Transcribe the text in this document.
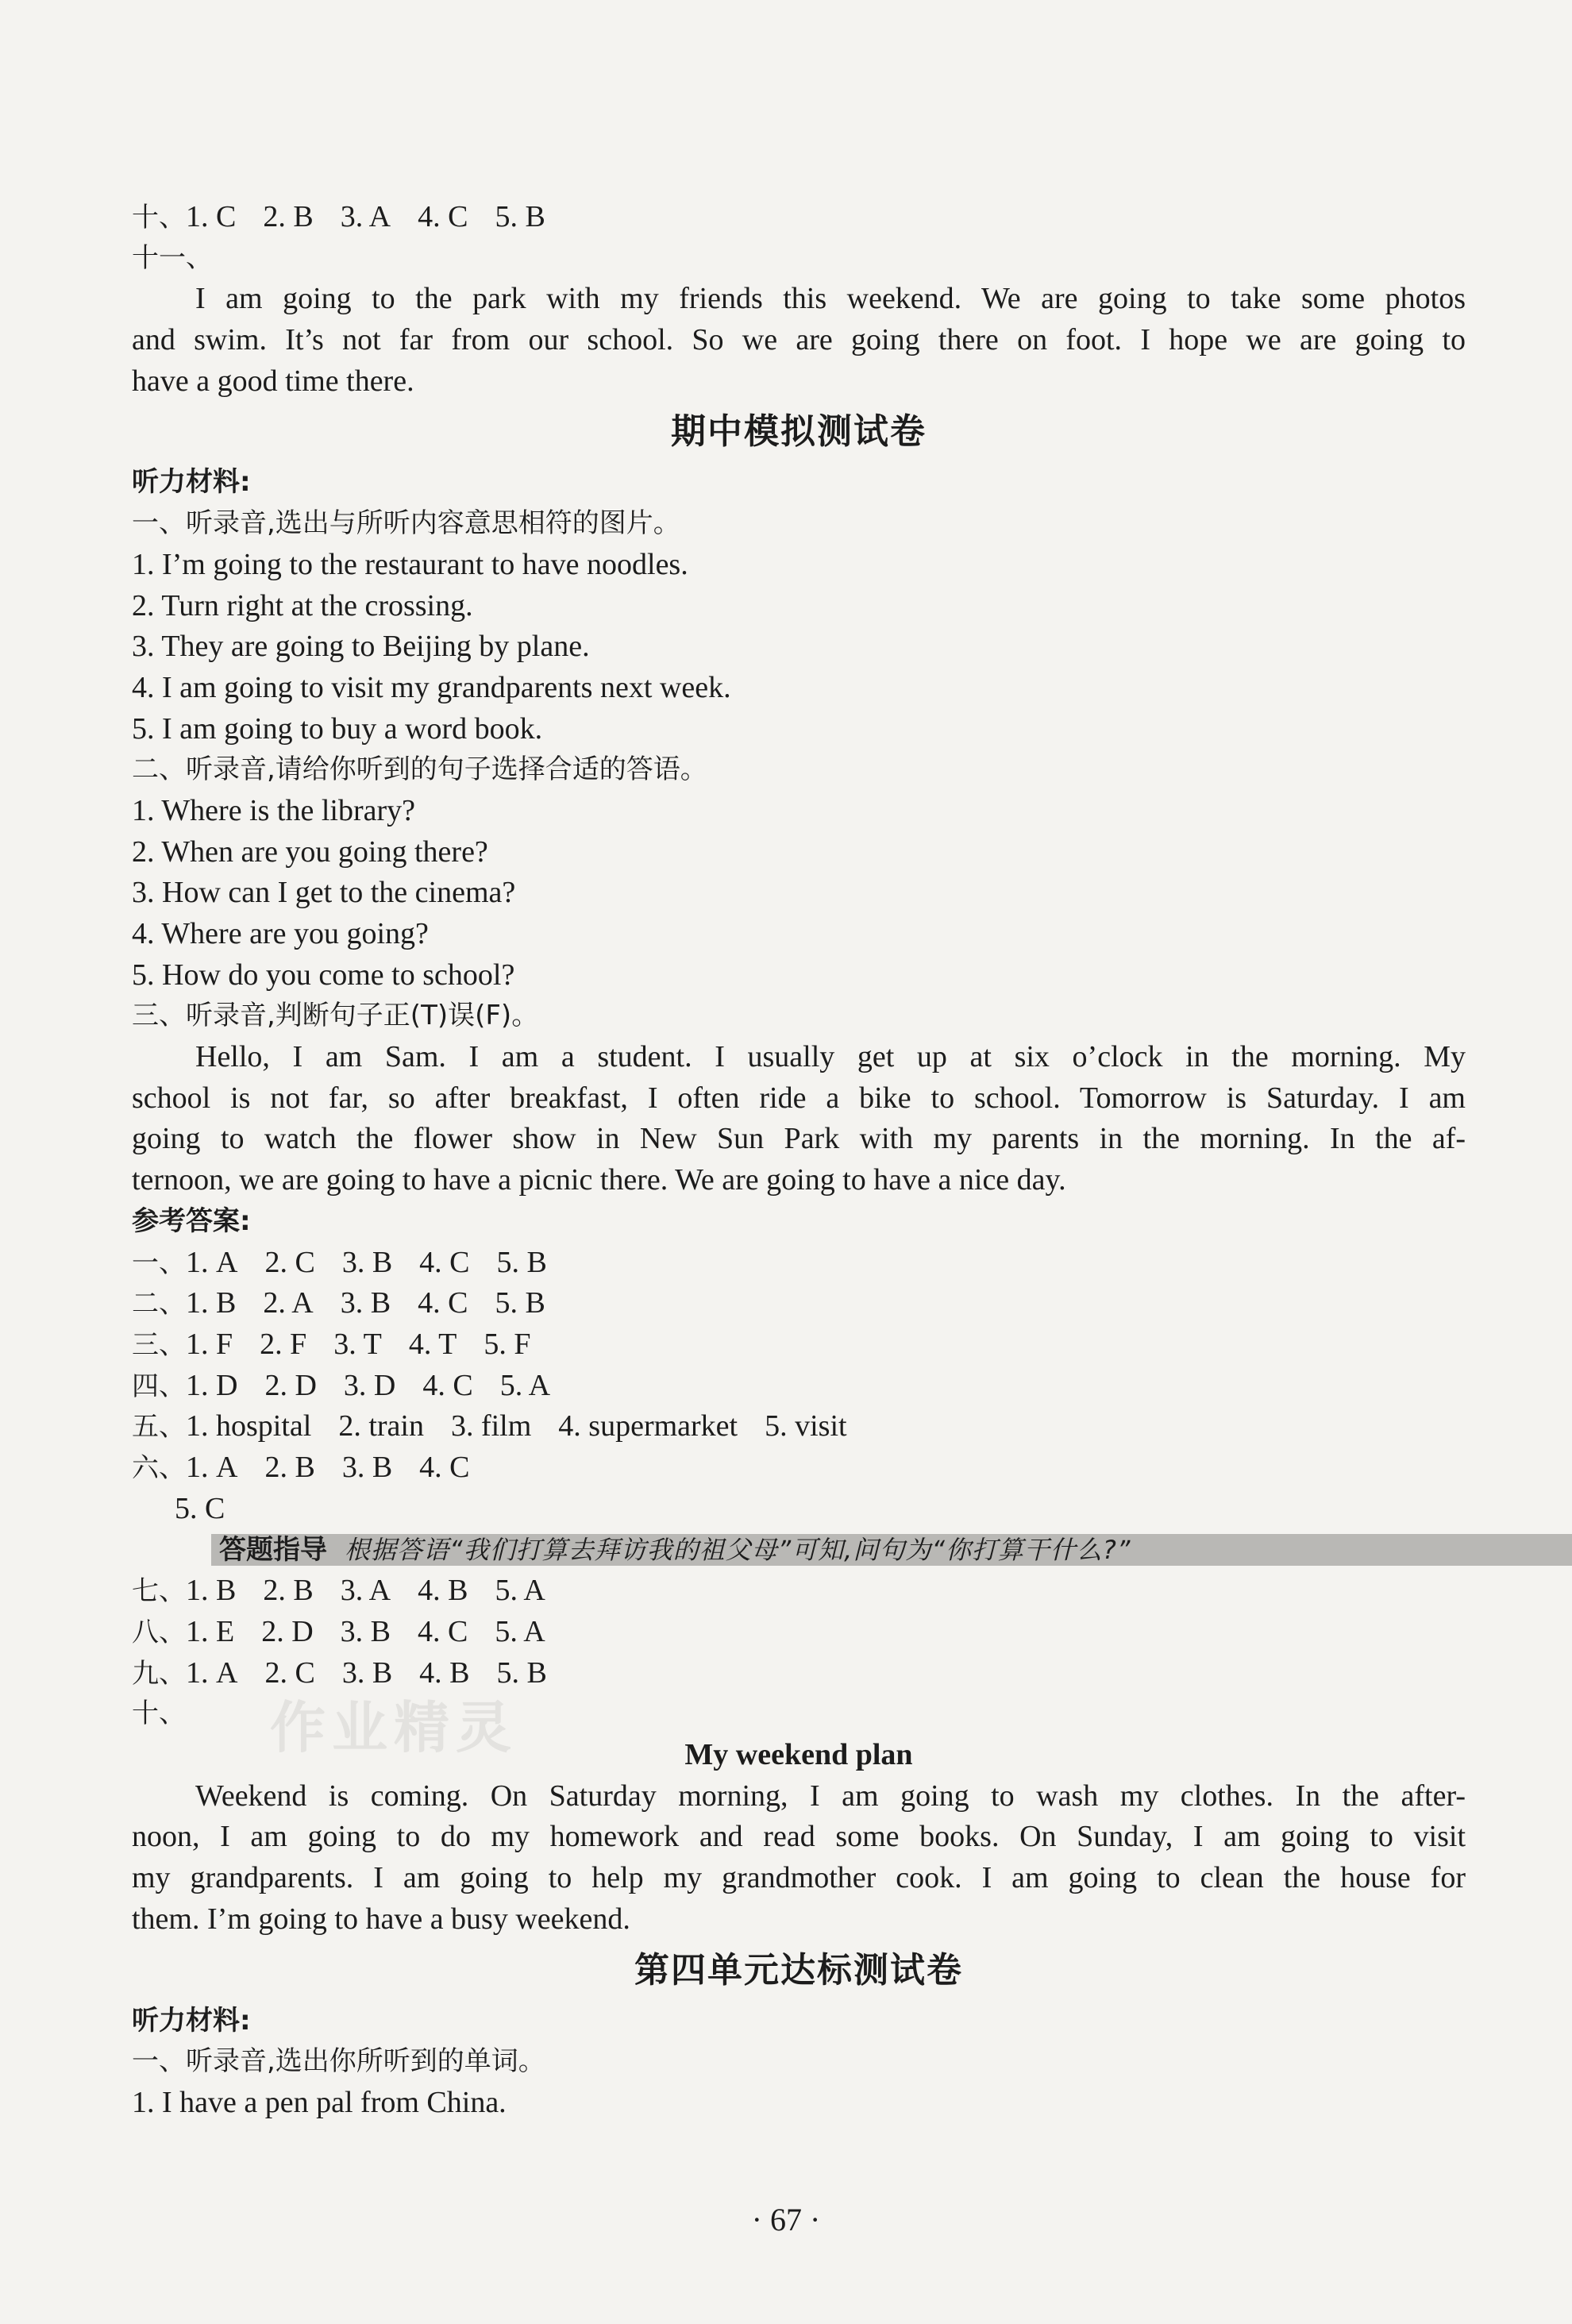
作业精灵

十、1. C 2. B 3. A 4. C 5. B

十一、

I am going to the park with my friends this weekend. We are going to take some photos

and swim. It’s not far from our school. So we are going there on foot. I hope we are going to

have a good time there.

期中模拟测试卷

听力材料:

一、听录音,选出与所听内容意思相符的图片。

1. I’m going to the restaurant to have noodles.

2. Turn right at the crossing.

3. They are going to Beijing by plane.

4. I am going to visit my grandparents next week.

5. I am going to buy a word book.

二、听录音,请给你听到的句子选择合适的答语。

1. Where is the library?

2. When are you going there?

3. How can I get to the cinema?

4. Where are you going?

5. How do you come to school?

三、听录音,判断句子正(T)误(F)。

Hello, I am Sam. I am a student. I usually get up at six o’clock in the morning. My

school is not far, so after breakfast, I often ride a bike to school. Tomorrow is Saturday. I am

going to watch the flower show in New Sun Park with my parents in the morning. In the af-

ternoon, we are going to have a picnic there. We are going to have a nice day.

参考答案:

一、1. A 2. C 3. B 4. C 5. B

二、1. B 2. A 3. B 4. C 5. B

三、1. F 2. F 3. T 4. T 5. F

四、1. D 2. D 3. D 4. C 5. A

五、1. hospital 2. train 3. film 4. supermarket 5. visit

六、1. A 2. B 3. B 4. C

5. C

答题指导 根据答语“我们打算去拜访我的祖父母”可知,问句为“你打算干什么?”

七、1. B 2. B 3. A 4. B 5. A

八、1. E 2. D 3. B 4. C 5. A

九、1. A 2. C 3. B 4. B 5. B

十、

My weekend plan

Weekend is coming. On Saturday morning, I am going to wash my clothes. In the after-

noon, I am going to do my homework and read some books. On Sunday, I am going to visit

my grandparents. I am going to help my grandmother cook. I am going to clean the house for

them. I’m going to have a busy weekend.

第四单元达标测试卷

听力材料:

一、听录音,选出你所听到的单词。

1. I have a pen pal from China.

· 67 ·
